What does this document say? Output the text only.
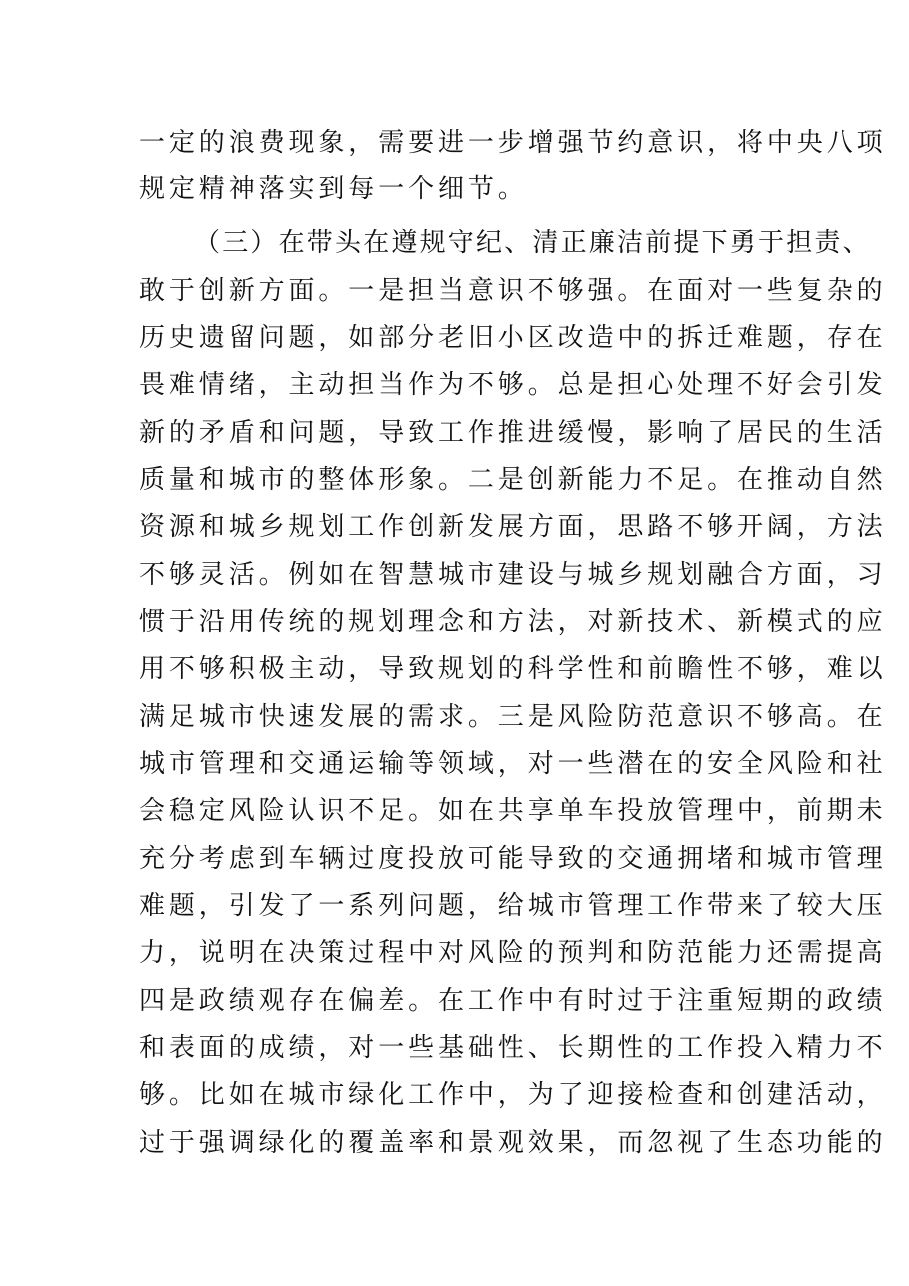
一定的浪费现象，需要进一步增强节约意识，将中央八项
规定精神落实到每一个细节。
（三）在带头在遵规守纪、清正廉洁前提下勇于担责、
敢于创新方面。一是担当意识不够强。在面对一些复杂的
历史遗留问题，如部分老旧小区改造中的拆迁难题，存在
畏难情绪，主动担当作为不够。总是担心处理不好会引发
新的矛盾和问题，导致工作推进缓慢，影响了居民的生活
质量和城市的整体形象。二是创新能力不足。在推动自然
资源和城乡规划工作创新发展方面，思路不够开阔，方法
不够灵活。例如在智慧城市建设与城乡规划融合方面，习
惯于沿用传统的规划理念和方法，对新技术、新模式的应
用不够积极主动，导致规划的科学性和前瞻性不够，难以
满足城市快速发展的需求。三是风险防范意识不够高。在
城市管理和交通运输等领域，对一些潜在的安全风险和社
会稳定风险认识不足。如在共享单车投放管理中，前期未
充分考虑到车辆过度投放可能导致的交通拥堵和城市管理
难题，引发了一系列问题，给城市管理工作带来了较大压
力，说明在决策过程中对风险的预判和防范能力还需提高
四是政绩观存在偏差。在工作中有时过于注重短期的政绩
和表面的成绩，对一些基础性、长期性的工作投入精力不
够。比如在城市绿化工作中，为了迎接检查和创建活动，
过于强调绿化的覆盖率和景观效果，而忽视了生态功能的
